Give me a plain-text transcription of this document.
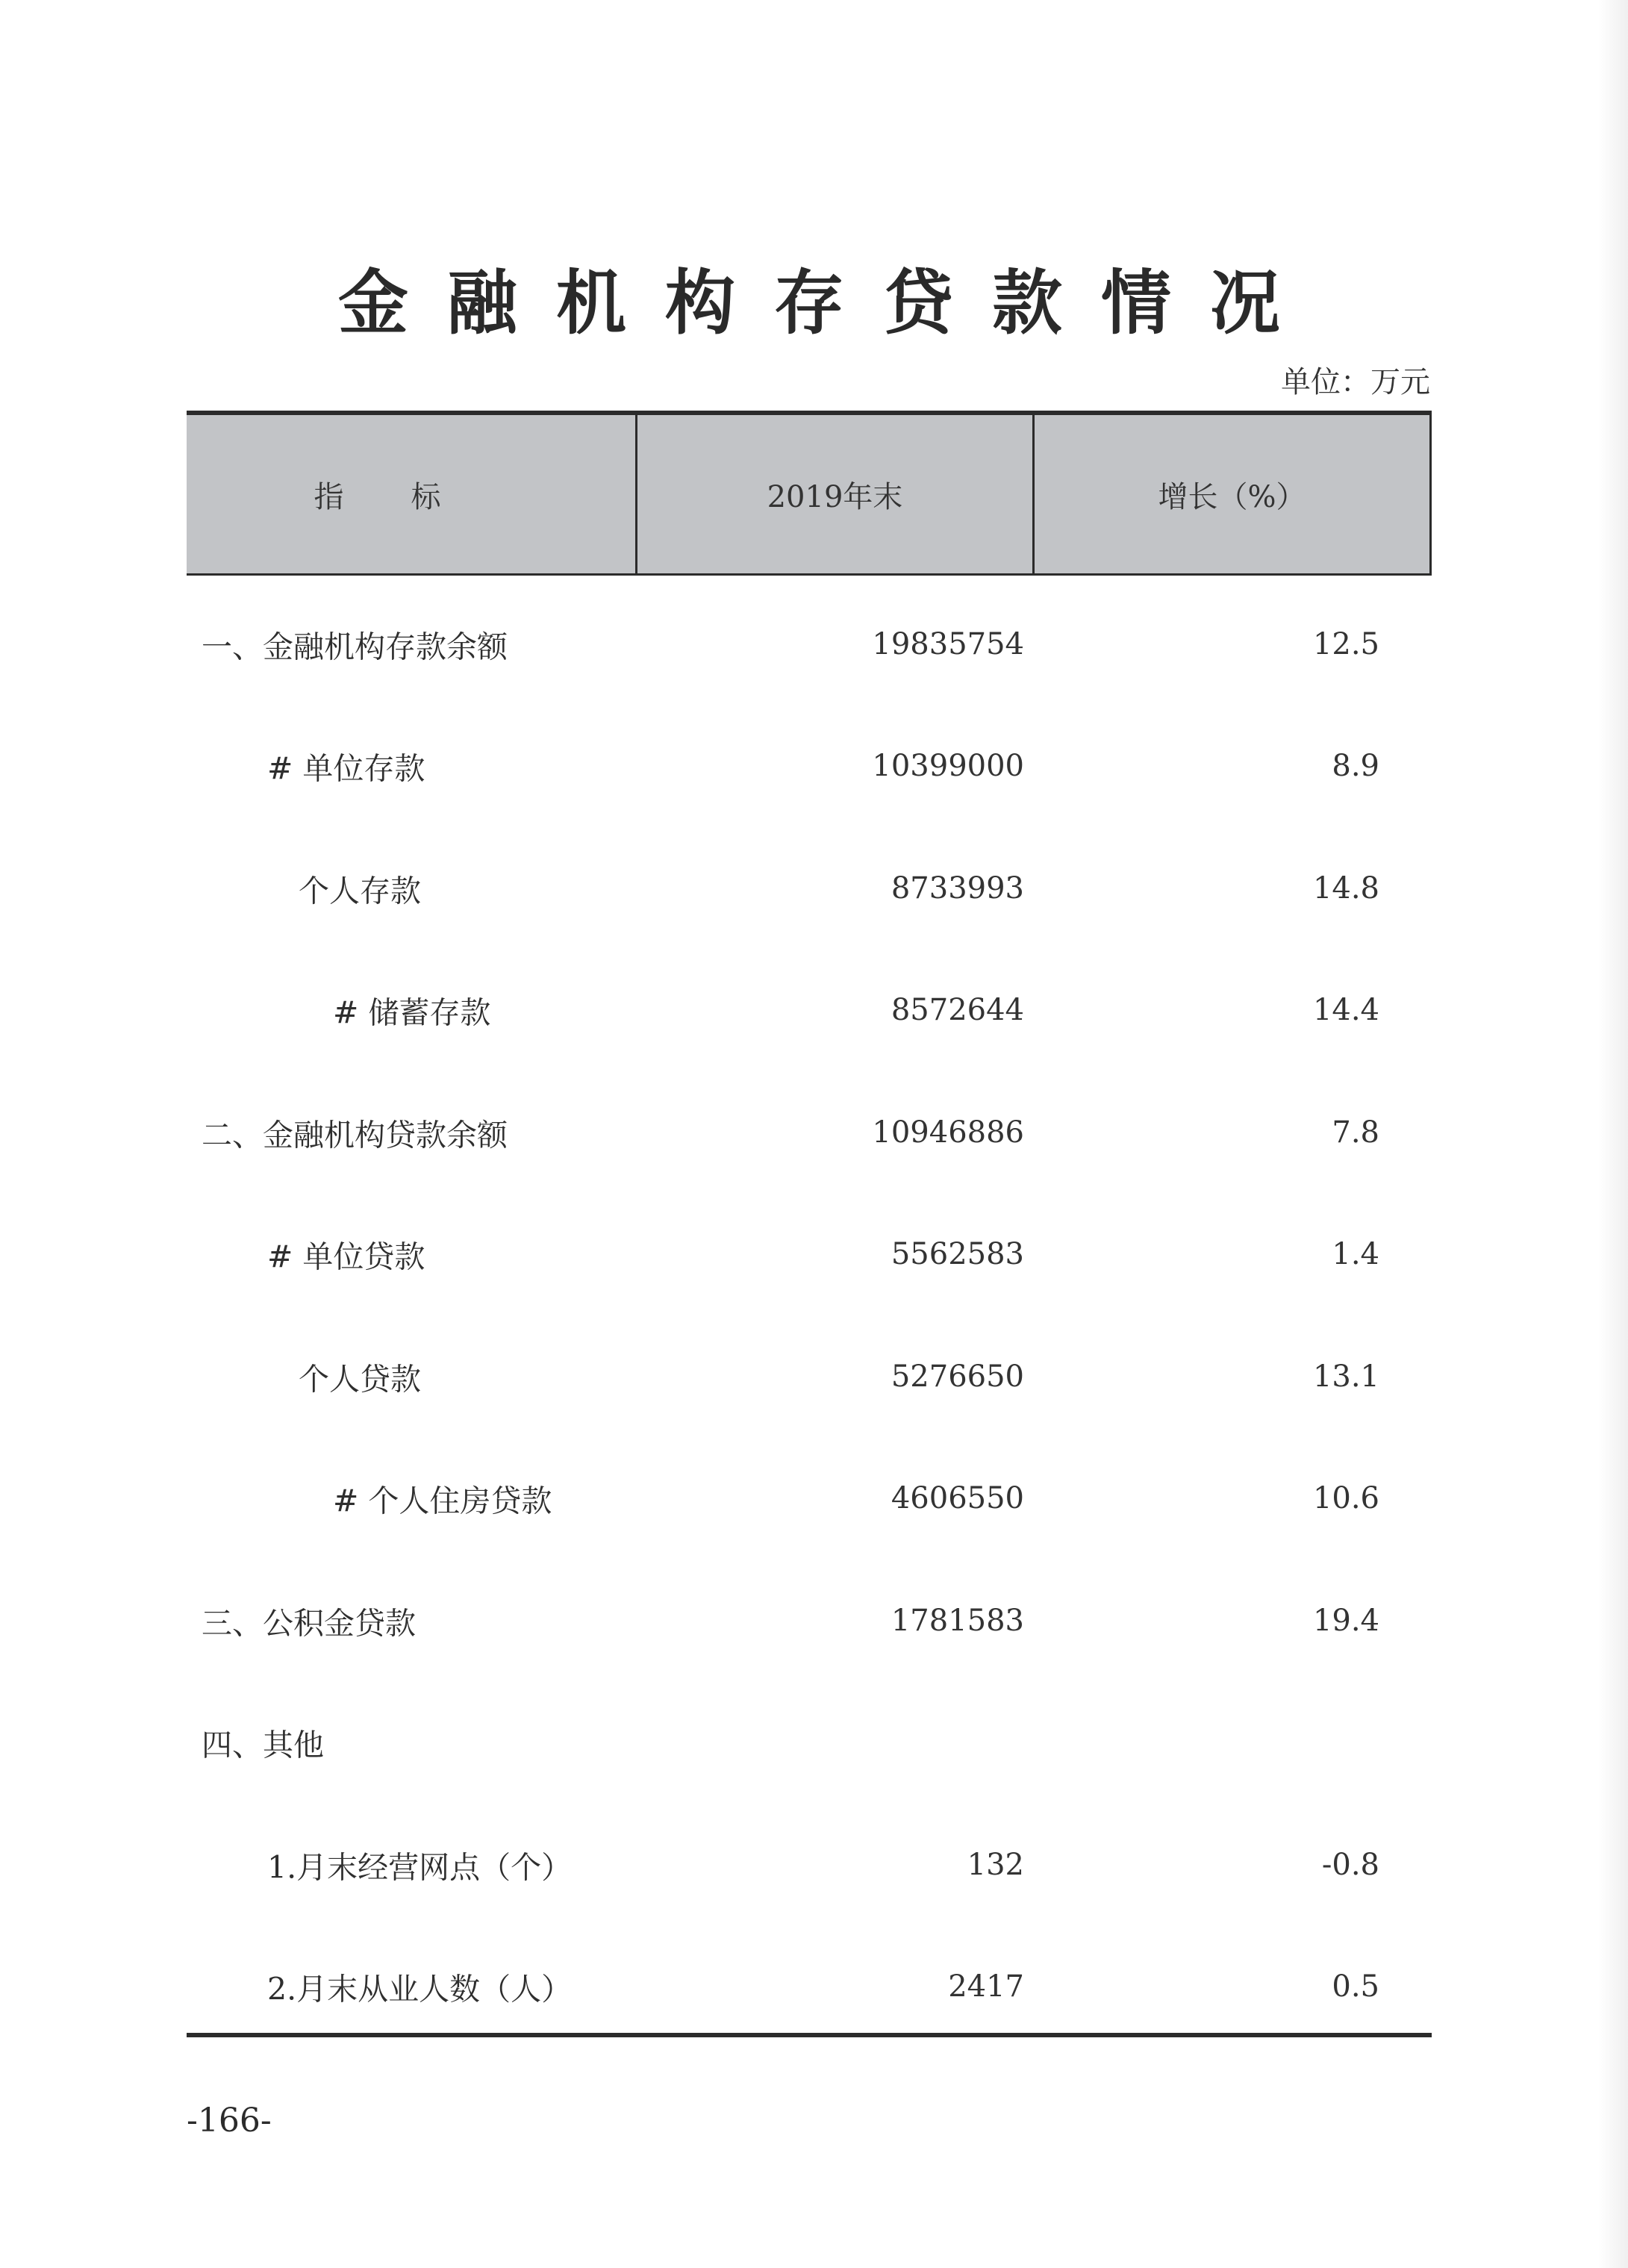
金融机构存贷款情况
单位：万元
指标	2019年末	增长（%）
一、金融机构存款余额	19835754	12.5
# 单位存款	10399000	8.9
个人存款	8733993	14.8
# 储蓄存款	8572644	14.4
二、金融机构贷款余额	10946886	7.8
# 单位贷款	5562583	1.4
个人贷款	5276650	13.1
# 个人住房贷款	4606550	10.6
三、公积金贷款	1781583	19.4
四、其他
1.月末经营网点（个）	132	-0.8
2.月末从业人数（人）	2417	0.5
-166-
